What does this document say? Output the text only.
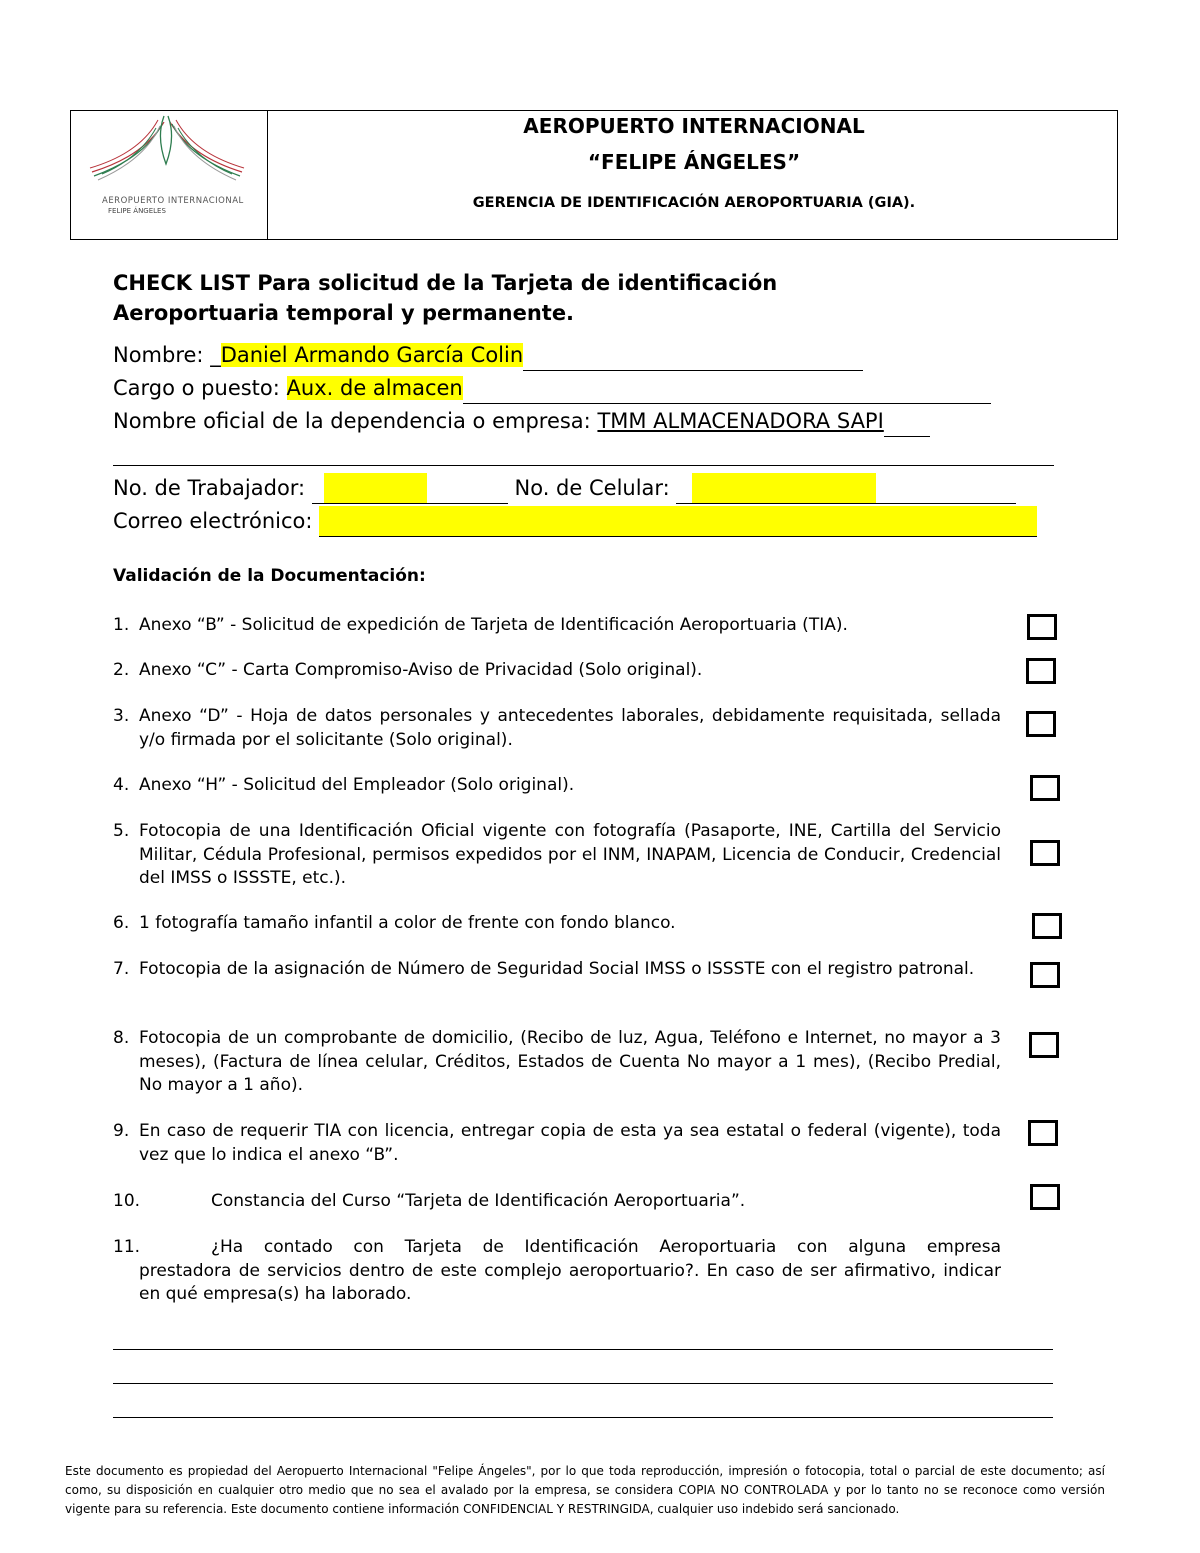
AEROPUERTO INTERNACIONAL
FELIPE ÁNGELES
AEROPUERTO INTERNACIONAL
“FELIPE ÁNGELES”
GERENCIA DE IDENTIFICACIÓN AEROPORTUARIA (GIA).
CHECK LIST Para solicitud de la Tarjeta de identificación
Aeroportuaria temporal y permanente.
Nombre: _Daniel Armando García Colin
Cargo o puesto: Aux. de almacen
Nombre oficial de la dependencia o empresa: TMM ALMACENADORA SAPI
No. de Trabajador:	No. de Celular:
Correo electrónico:
Validación de la Documentación:
1. Anexo “B” - Solicitud de expedición de Tarjeta de Identificación Aeroportuaria (TIA).
2. Anexo “C” - Carta Compromiso-Aviso de Privacidad (Solo original).
3. Anexo “D” - Hoja de datos personales y antecedentes laborales, debidamente requisitada, sellada y/o firmada por el solicitante (Solo original).
4. Anexo “H” - Solicitud del Empleador (Solo original).
5. Fotocopia de una Identificación Oficial vigente con fotografía (Pasaporte, INE, Cartilla del Servicio Militar, Cédula Profesional, permisos expedidos por el INM, INAPAM, Licencia de Conducir, Credencial del IMSS o ISSSTE, etc.).
6. 1 fotografía tamaño infantil a color de frente con fondo blanco.
7. Fotocopia de la asignación de Número de Seguridad Social IMSS o ISSSTE con el registro patronal.
8. Fotocopia de un comprobante de domicilio, (Recibo de luz, Agua, Teléfono e Internet, no mayor a 3 meses), (Factura de línea celular, Créditos, Estados de Cuenta No mayor a 1 mes), (Recibo Predial, No mayor a 1 año).
9. En caso de requerir TIA con licencia, entregar copia de esta ya sea estatal o federal (vigente), toda vez que lo indica el anexo “B”.
10.	Constancia del Curso “Tarjeta de Identificación Aeroportuaria”.
11.	¿Ha contado con Tarjeta de Identificación Aeroportuaria con alguna empresa
prestadora de servicios dentro de este complejo aeroportuario?. En caso de ser afirmativo, indicar en qué empresa(s) ha laborado.
Este documento es propiedad del Aeropuerto Internacional "Felipe Ángeles", por lo que toda reproducción, impresión o fotocopia, total o parcial de este documento; así como, su disposición en cualquier otro medio que no sea el avalado por la empresa, se considera COPIA NO CONTROLADA y por lo tanto no se reconoce como versión vigente para su referencia. Este documento contiene información CONFIDENCIAL Y RESTRINGIDA, cualquier uso indebido será sancionado.
